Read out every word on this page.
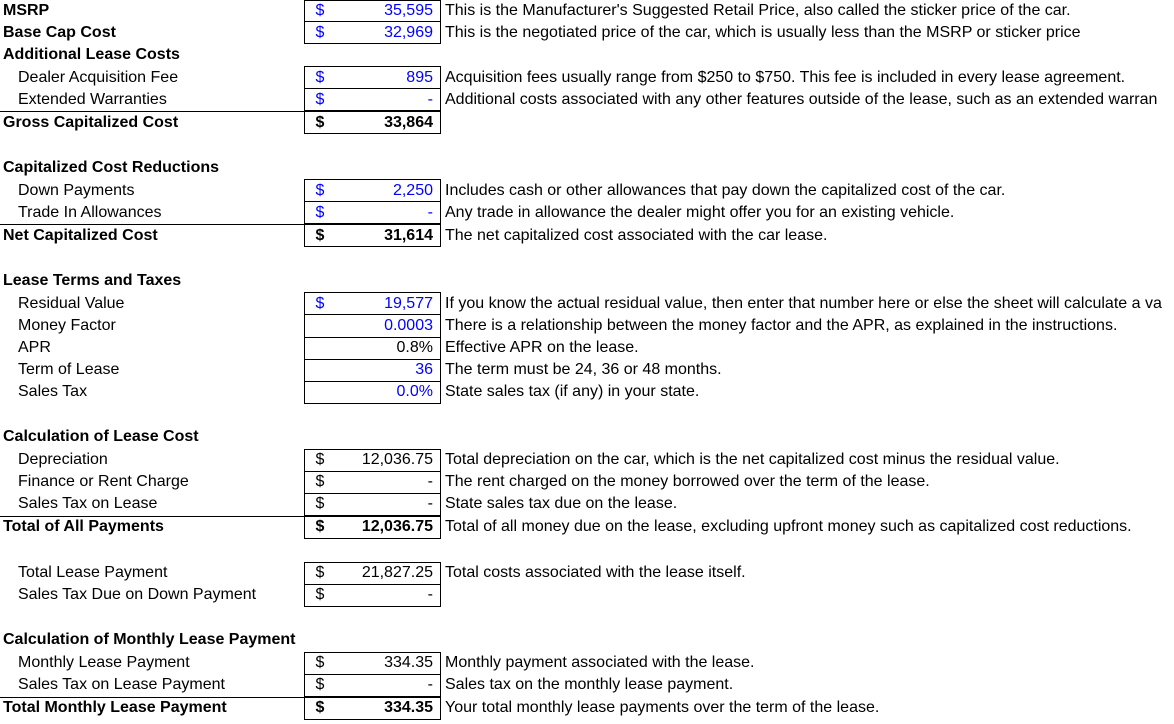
MSRP	$	35,595 This is the Manufacturer's Suggested Retail Price, also called the sticker price of the car.
Base Cap Cost	$	32,969 This is the negotiated price of the car, which is usually less than the MSRP or sticker price
Additional Lease Costs
Dealer Acquisition Fee	$	895 Acquisition fees usually range from $250 to $750. This fee is included in every lease agreement.
Extended Warranties	$	- Additional costs associated with any other features outside of the lease, such as an extended warran
Gross Capitalized Cost	$	33,864
Capitalized Cost Reductions
Down Payments	$	2,250 Includes cash or other allowances that pay down the capitalized cost of the car.
Trade In Allowances	$	- Any trade in allowance the dealer might offer you for an existing vehicle.
Net Capitalized Cost	$	31,614 The net capitalized cost associated with the car lease.
Lease Terms and Taxes
Residual Value	$	19,577 If you know the actual residual value, then enter that number here or else the sheet will calculate a va
Money Factor	0.0003 There is a relationship between the money factor and the APR, as explained in the instructions.
APR	0.8% Effective APR on the lease.
Term of Lease	36 The term must be 24, 36 or 48 months.
Sales Tax	0.0% State sales tax (if any) in your state.
Calculation of Lease Cost
Depreciation	$	12,036.75 Total depreciation on the car, which is the net capitalized cost minus the residual value.
Finance or Rent Charge	$	- The rent charged on the money borrowed over the term of the lease.
Sales Tax on Lease	$	- State sales tax due on the lease.
Total of All Payments	$	12,036.75 Total of all money due on the lease, excluding upfront money such as capitalized cost reductions.
Total Lease Payment	$	21,827.25 Total costs associated with the lease itself.
Sales Tax Due on Down Payment	$	-
Calculation of Monthly Lease Payment
Monthly Lease Payment	$	334.35 Monthly payment associated with the lease.
Sales Tax on Lease Payment	$	- Sales tax on the monthly lease payment.
Total Monthly Lease Payment	$	334.35 Your total monthly lease payments over the term of the lease.
